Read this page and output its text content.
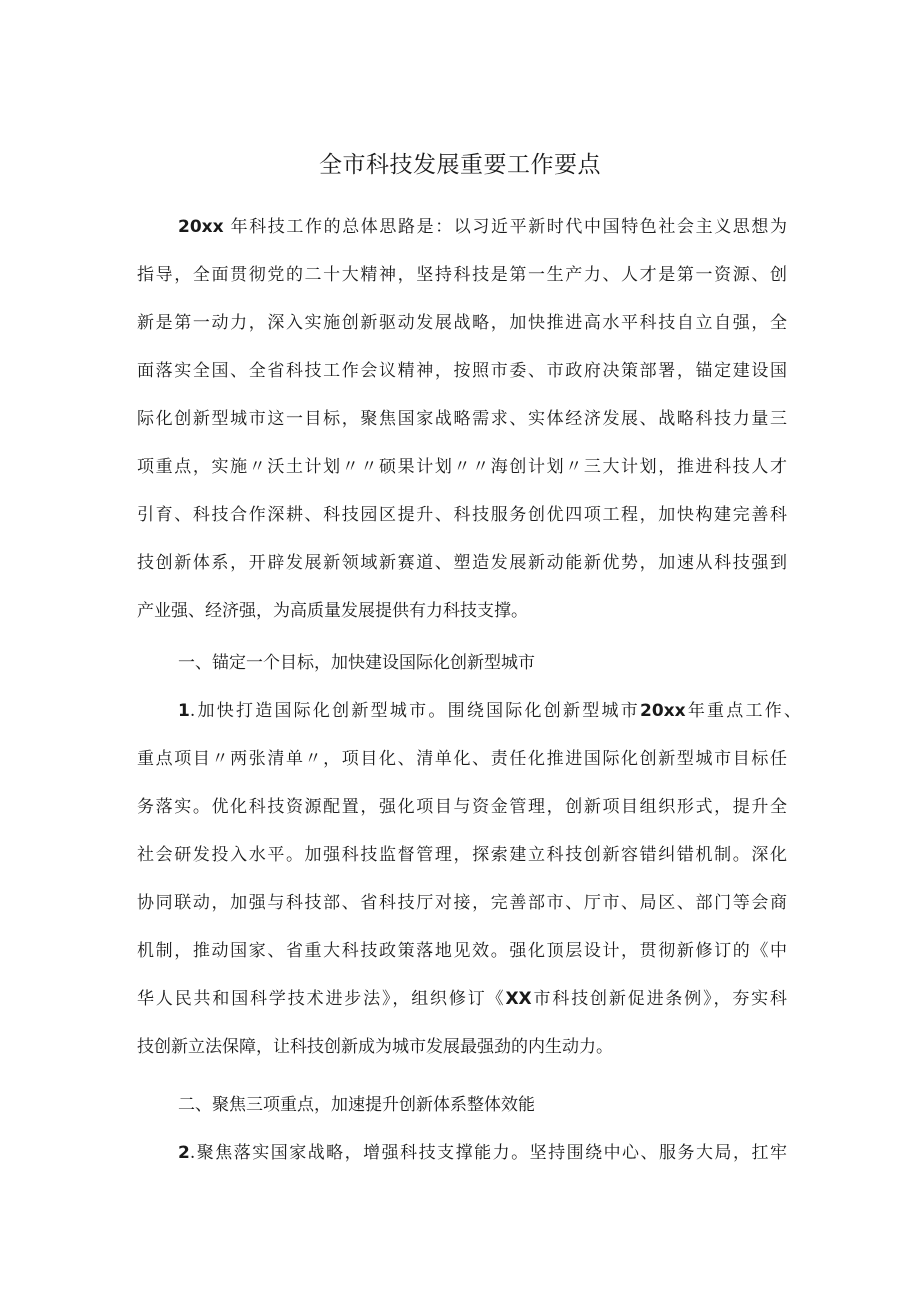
全市科技发展重要工作要点

20xx 年科技工作的总体思路是：以习近平新时代中国特色社会主义思想为

指导，全面贯彻党的二十大精神，坚持科技是第一生产力、人才是第一资源、创

新是第一动力，深入实施创新驱动发展战略，加快推进高水平科技自立自强，全

面落实全国、全省科技工作会议精神，按照市委、市政府决策部署，锚定建设国

际化创新型城市这一目标，聚焦国家战略需求、实体经济发展、战略科技力量三

项重点，实施〃沃土计划〃〃硕果计划〃〃海创计划〃三大计划，推进科技人才

引育、科技合作深耕、科技园区提升、科技服务创优四项工程，加快构建完善科

技创新体系，开辟发展新领域新赛道、塑造发展新动能新优势，加速从科技强到

产业强、经济强，为高质量发展提供有力科技支撑。

一、锚定一个目标，加快建设国际化创新型城市

1.加快打造国际化创新型城市。围绕国际化创新型城市20xx年重点工作、

重点项目〃两张清单〃，项目化、清单化、责任化推进国际化创新型城市目标任

务落实。优化科技资源配置，强化项目与资金管理，创新项目组织形式，提升全

社会研发投入水平。加强科技监督管理，探索建立科技创新容错纠错机制。深化

协同联动，加强与科技部、省科技厅对接，完善部市、厅市、局区、部门等会商

机制，推动国家、省重大科技政策落地见效。强化顶层设计，贯彻新修订的《中

华人民共和国科学技术进步法》，组织修订《XX市科技创新促进条例》，夯实科

技创新立法保障，让科技创新成为城市发展最强劲的内生动力。

二、聚焦三项重点，加速提升创新体系整体效能

2.聚焦落实国家战略，增强科技支撑能力。坚持围绕中心、服务大局，扛牢
